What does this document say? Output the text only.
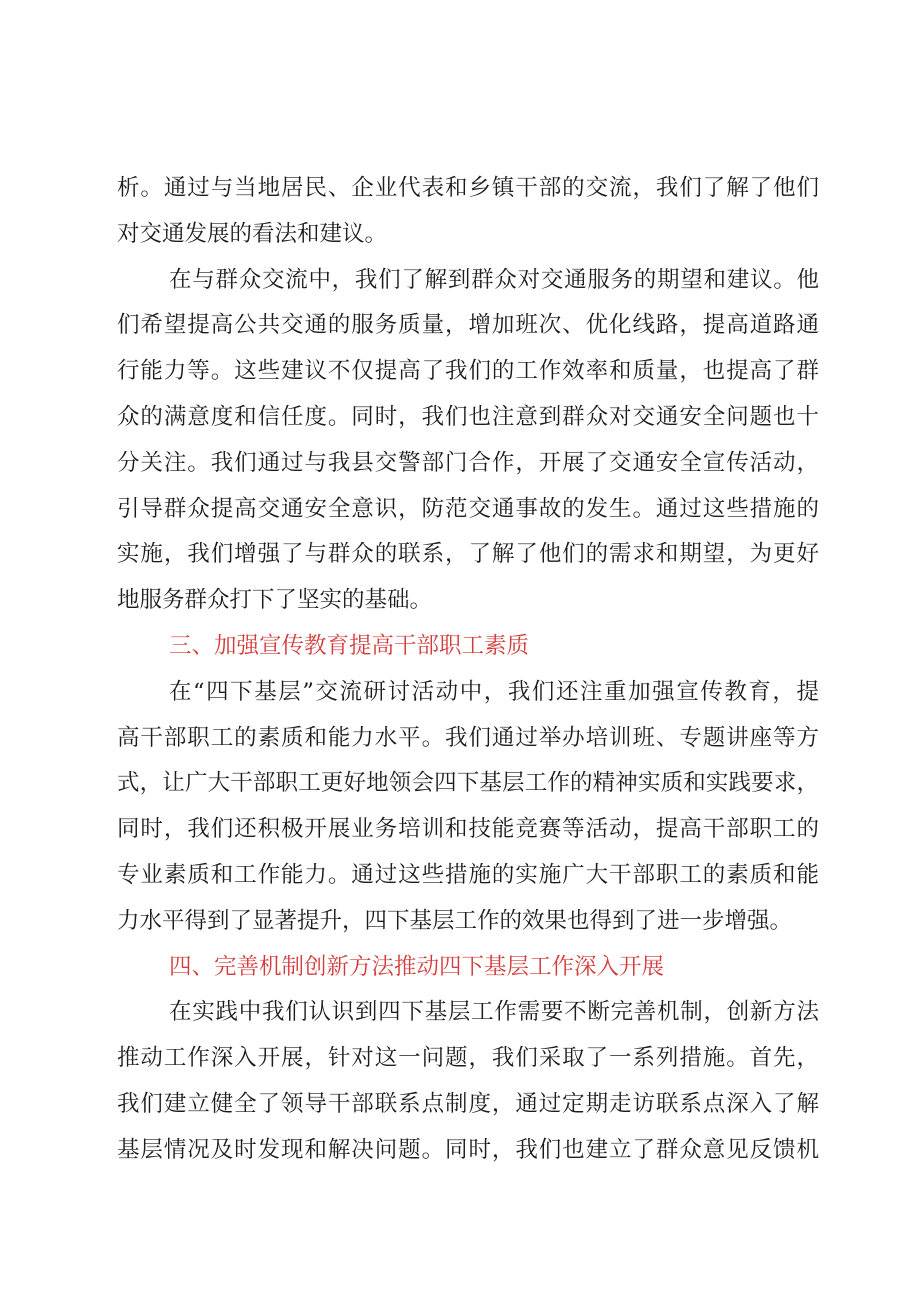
析。通过与当地居民、企业代表和乡镇干部的交流，我们了解了他们
对交通发展的看法和建议。
在与群众交流中，我们了解到群众对交通服务的期望和建议。他
们希望提高公共交通的服务质量，增加班次、优化线路，提高道路通
行能力等。这些建议不仅提高了我们的工作效率和质量，也提高了群
众的满意度和信任度。同时，我们也注意到群众对交通安全问题也十
分关注。我们通过与我县交警部门合作，开展了交通安全宣传活动，
引导群众提高交通安全意识，防范交通事故的发生。通过这些措施的
实施，我们增强了与群众的联系，了解了他们的需求和期望，为更好
地服务群众打下了坚实的基础。
三、加强宣传教育提高干部职工素质
在“四下基层”交流研讨活动中，我们还注重加强宣传教育，提
高干部职工的素质和能力水平。我们通过举办培训班、专题讲座等方
式，让广大干部职工更好地领会四下基层工作的精神实质和实践要求，
同时，我们还积极开展业务培训和技能竞赛等活动，提高干部职工的
专业素质和工作能力。通过这些措施的实施广大干部职工的素质和能
力水平得到了显著提升，四下基层工作的效果也得到了进一步增强。
四、完善机制创新方法推动四下基层工作深入开展
在实践中我们认识到四下基层工作需要不断完善机制，创新方法
推动工作深入开展，针对这一问题，我们采取了一系列措施。首先，
我们建立健全了领导干部联系点制度，通过定期走访联系点深入了解
基层情况及时发现和解决问题。同时，我们也建立了群众意见反馈机
